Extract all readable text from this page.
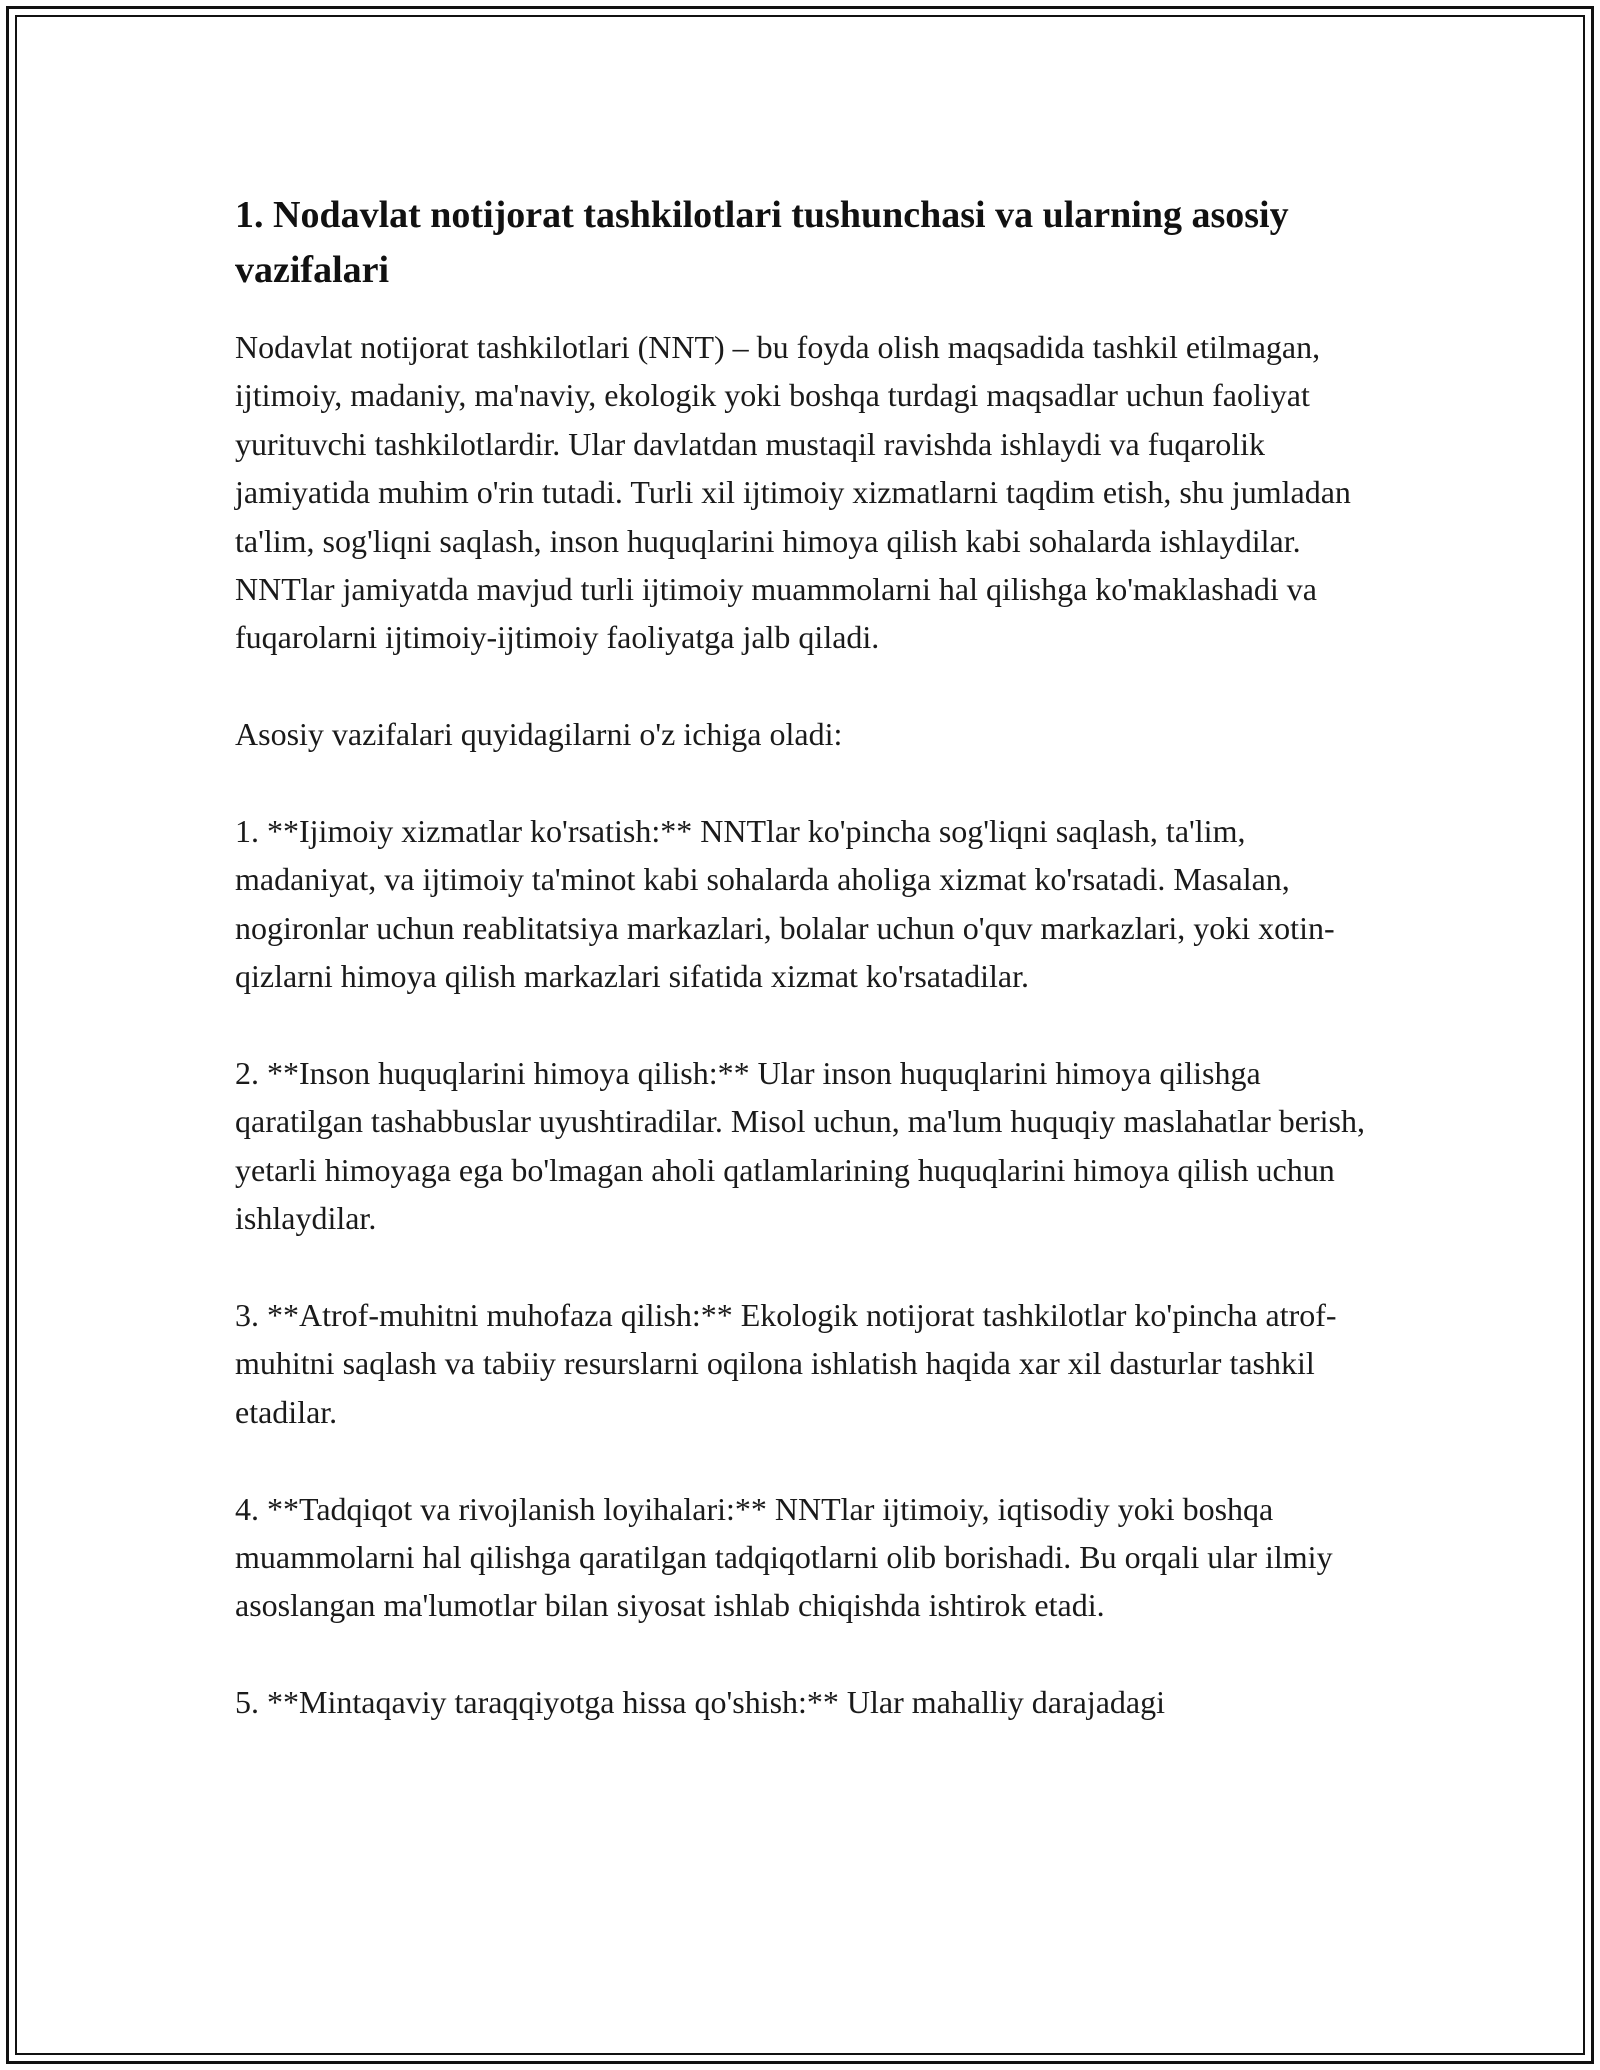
1. Nodavlat notijorat tashkilotlari tushunchasi va ularning asosiy vazifalari

Nodavlat notijorat tashkilotlari (NNT) – bu foyda olish maqsadida tashkil etilmagan, ijtimoiy, madaniy, ma'naviy, ekologik yoki boshqa turdagi maqsadlar uchun faoliyat yurituvchi tashkilotlardir. Ular davlatdan mustaqil ravishda ishlaydi va fuqarolik jamiyatida muhim o'rin tutadi. Turli xil ijtimoiy xizmatlarni taqdim etish, shu jumladan ta'lim, sog'liqni saqlash, inson huquqlarini himoya qilish kabi sohalarda ishlaydilar. NNTlar jamiyatda mavjud turli ijtimoiy muammolarni hal qilishga ko'maklashadi va fuqarolarni ijtimoiy-ijtimoiy faoliyatga jalb qiladi.

Asosiy vazifalari quyidagilarni o'z ichiga oladi:

1. **Ijimoiy xizmatlar ko'rsatish:** NNTlar ko'pincha sog'liqni saqlash, ta'lim, madaniyat, va ijtimoiy ta'minot kabi sohalarda aholiga xizmat ko'rsatadi. Masalan, nogironlar uchun reablitatsiya markazlari, bolalar uchun o'quv markazlari, yoki xotin-qizlarni himoya qilish markazlari sifatida xizmat ko'rsatadilar.

2. **Inson huquqlarini himoya qilish:** Ular inson huquqlarini himoya qilishga qaratilgan tashabbuslar uyushtiradilar. Misol uchun, ma'lum huquqiy maslahatlar berish, yetarli himoyaga ega bo'lmagan aholi qatlamlarining huquqlarini himoya qilish uchun ishlaydilar.

3. **Atrof-muhitni muhofaza qilish:** Ekologik notijorat tashkilotlar ko'pincha atrof-muhitni saqlash va tabiiy resurslarni oqilona ishlatish haqida xar xil dasturlar tashkil etadilar.

4. **Tadqiqot va rivojlanish loyihalari:** NNTlar ijtimoiy, iqtisodiy yoki boshqa muammolarni hal qilishga qaratilgan tadqiqotlarni olib borishadi. Bu orqali ular ilmiy asoslangan ma'lumotlar bilan siyosat ishlab chiqishda ishtirok etadi.

5. **Mintaqaviy taraqqiyotga hissa qo'shish:** Ular mahalliy darajadagi
